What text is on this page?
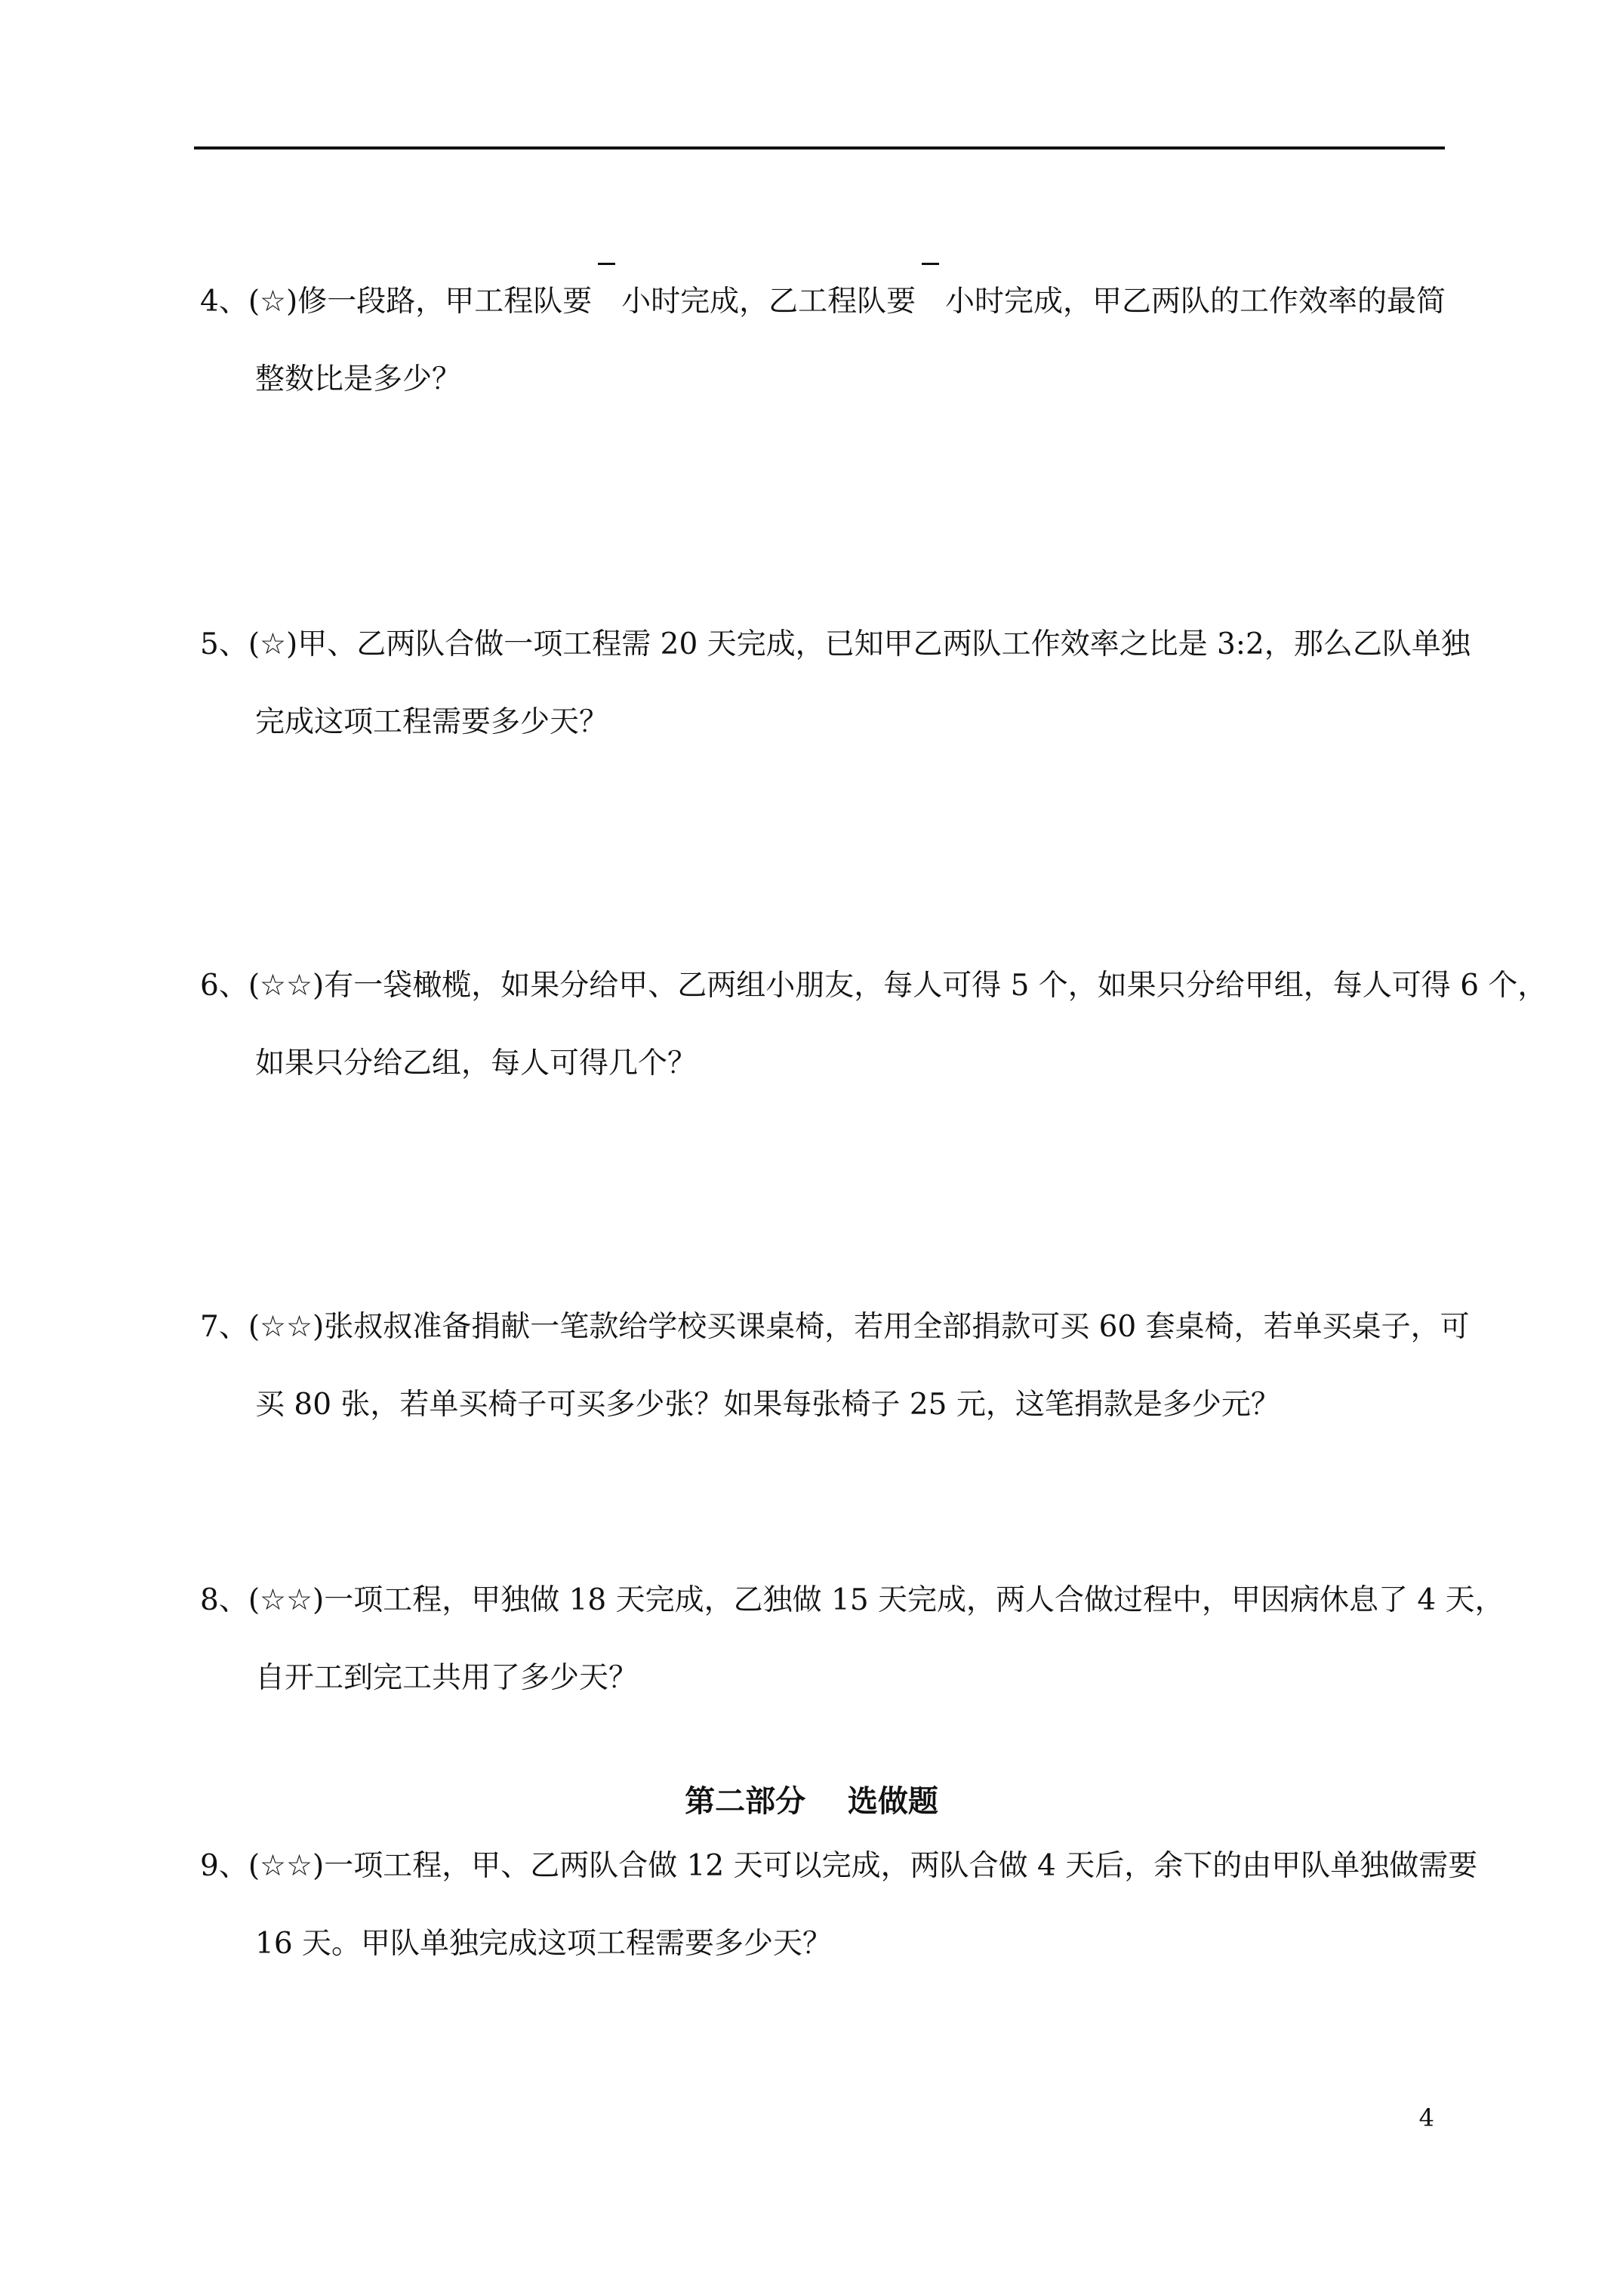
4、 (☆) 修一段路，甲工程队要 小时完成，乙工程队要 小时完成，甲乙两队的工作效率的最简
整数比是多少？
5、 (☆) 甲、乙两队合做一项工程需 20 天完成，已知甲乙两队工作效率之比是 3:2，那么乙队单独
完成这项工程需要多少天？
6、 (☆☆) 有一袋橄榄，如果分给甲、乙两组小朋友，每人可得 5 个，如果只分给甲组，每人可得 6 个，
如果只分给乙组，每人可得几个？
7、 (☆☆) 张叔叔准备捐献一笔款给学校买课桌椅，若用全部捐款可买 60 套桌椅，若单买桌子，可
买 80 张，若单买椅子可买多少张？如果每张椅子 25 元，这笔捐款是多少元？
8、 (☆☆) 一项工程，甲独做 18 天完成，乙独做 15 天完成，两人合做过程中，甲因病休息了 4 天，
自开工到完工共用了多少天？
第二部分    选做题
9、 (☆☆) 一项工程，甲、乙两队合做 12 天可以完成，两队合做 4 天后，余下的由甲队单独做需要
16 天。甲队单独完成这项工程需要多少天？
4
